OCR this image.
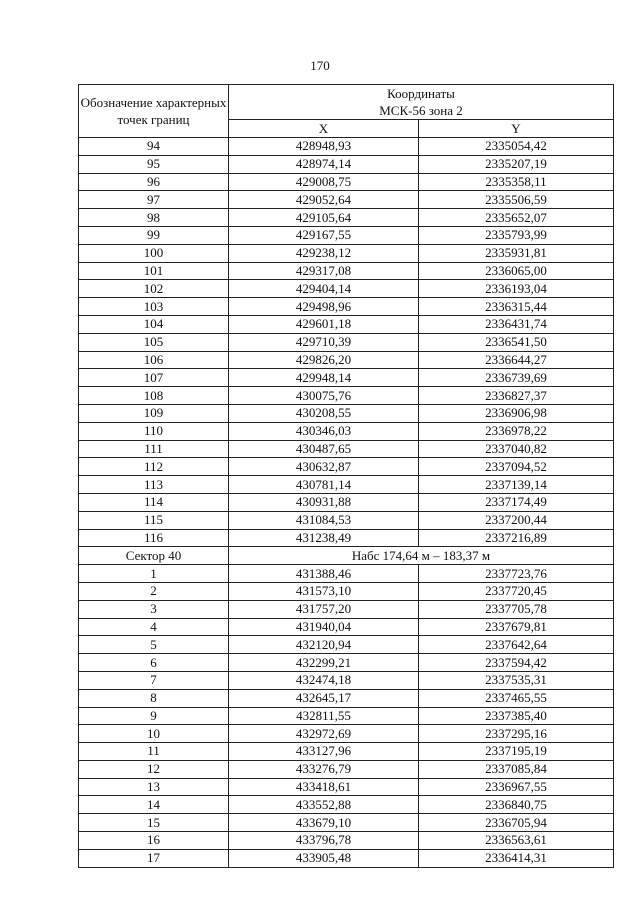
170
Обозначение характерных точек границ	Координаты
МСК-56 зона 2	

	X	Y
94	428948,93	2335054,42
95	428974,14	2335207,19
96	429008,75	2335358,11
97	429052,64	2335506,59
98	429105,64	2335652,07
99	429167,55	2335793,99
100	429238,12	2335931,81
101	429317,08	2336065,00
102	429404,14	2336193,04
103	429498,96	2336315,44
104	429601,18	2336431,74
105	429710,39	2336541,50
106	429826,20	2336644,27
107	429948,14	2336739,69
108	430075,76	2336827,37
109	430208,55	2336906,98
110	430346,03	2336978,22
111	430487,65	2337040,82
112	430632,87	2337094,52
113	430781,14	2337139,14
114	430931,88	2337174,49
115	431084,53	2337200,44
116	431238,49	2337216,89
Сектор 40	Набс 174,64 м – 183,37 м	
1	431388,46	2337723,76
2	431573,10	2337720,45
3	431757,20	2337705,78
4	431940,04	2337679,81
5	432120,94	2337642,64
6	432299,21	2337594,42
7	432474,18	2337535,31
8	432645,17	2337465,55
9	432811,55	2337385,40
10	432972,69	2337295,16
11	433127,96	2337195,19
12	433276,79	2337085,84
13	433418,61	2336967,55
14	433552,88	2336840,75
15	433679,10	2336705,94
16	433796,78	2336563,61
17	433905,48	2336414,31
